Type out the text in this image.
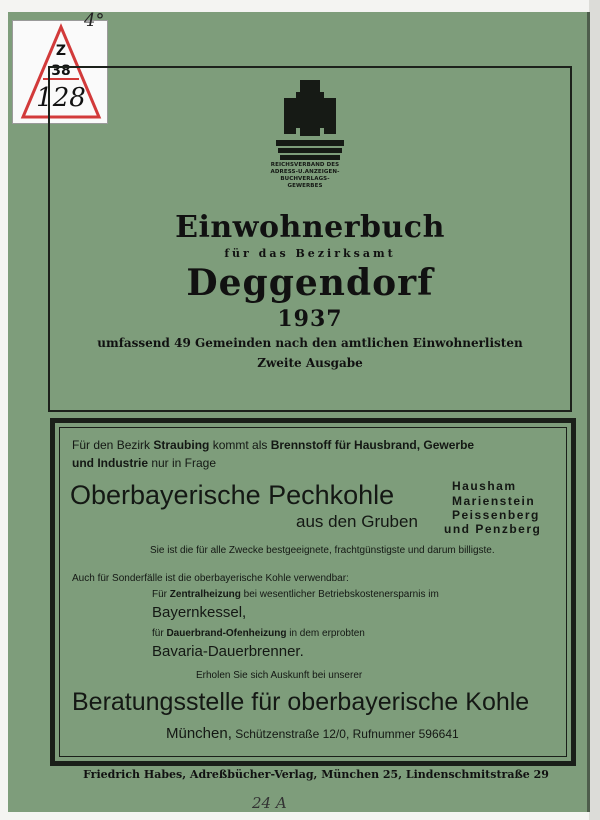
Z
38
128
4°
REICHSVERBAND DES
ADRESS-U.ANZEIGEN-
BUCHVERLAGS-
GEWERBES
Einwohnerbuch
für das Bezirksamt
Deggendorf
1937
umfassend 49 Gemeinden nach den amtlichen Einwohnerlisten
Zweite Ausgabe
Für den Bezirk Straubing kommt als Brennstoff für Hausbrand, Gewerbe
und Industrie nur in Frage
Oberbayerische Pechkohle
aus den Gruben
Hausham
Marienstein
Peissenberg
und Penzberg
Sie ist die für alle Zwecke bestgeeignete, frachtgünstigste und darum billigste.
Auch für Sonderfälle ist die oberbayerische Kohle verwendbar:
Für Zentralheizung bei wesentlicher Betriebskostenersparnis im
Bayernkessel,
für Dauerbrand-Ofenheizung in dem erprobten
Bavaria-Dauerbrenner.
Erholen Sie sich Auskunft bei unserer
Beratungsstelle für oberbayerische Kohle
München, Schützenstraße 12/0, Rufnummer 596641
Friedrich Habes, Adreßbücher-Verlag, München 25, Lindenschmitstraße 29
24 A
